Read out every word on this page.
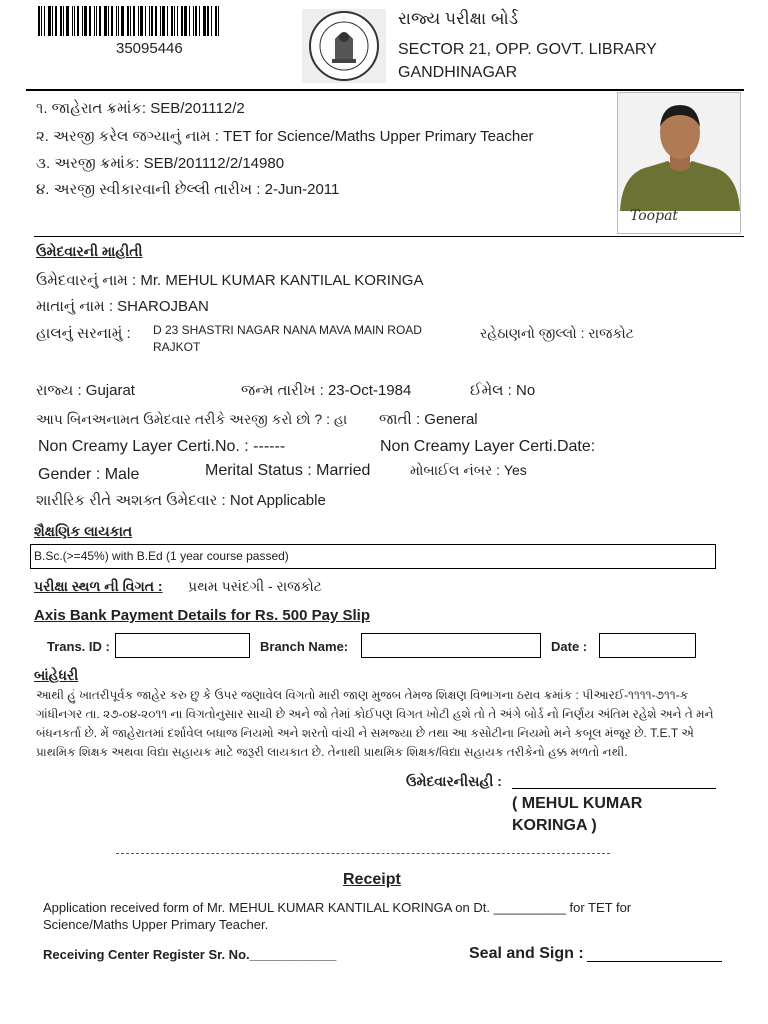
35095446
રાજ્ય પરીક્ષા બોર્ડ
SECTOR 21, OPP. GOVT. LIBRARY
GANDHINAGAR
૧. જાહેરાત ક્રમાંક: SEB/201112/2
૨. અરજી કરેલ જગ્યાનું નામ : TET for Science/Maths Upper Primary Teacher
૩. અરજી ક્રમાંક: SEB/201112/2/14980
૪. અરજી સ્વીકારવાની છેલ્લી તારીખ : 2-Jun-2011
Toopat
ઉમેદવારની માહીતી
ઉમેદવારનું નામ : Mr. MEHUL KUMAR KANTILAL KORINGA
માતાનું નામ : SHAROJBAN
હાલનું સરનામું : D 23 SHASTRI NAGAR NANA MAVA MAIN ROAD
RAJKOT
રહેઠાણનો જીલ્લો : રાજકોટ
રાજ્ય : Gujarat	જન્મ તારીખ : 23-Oct-1984	ઈમેલ : No
આપ બિનઅનામત ઉમેદવાર તરીકે અરજી કરો છો ? : હા જાતી : General
Non Creamy Layer Certi.No. : ------	Non Creamy Layer Certi.Date:
Gender : Male	Merital Status : Married	મોબાઈલ નંબર : Yes
શારીરિક રીતે અશક્ત ઉમેદવાર : Not Applicable
શૈક્ષણિક લાયકાત
B.Sc.(>=45%) with B.Ed (1 year course passed)
પરીક્ષા સ્થળ ની વિગત : પ્રથમ પસંદગી - રાજકોટ
Axis Bank Payment Details for Rs. 500 Pay Slip
Trans. ID :	Branch Name:	Date :
બાંહેધરી
આથી હું ખાતરીપૂર્વક જાહેર કરુ છુ કે ઉપર જણાવેલ વિગતો મારી જાણ મુજબ તેમજ શિક્ષણ વિભાગના ઠરાવ ક્રમાંક : પીઆરઈ-૧૧૧૧-૭૧૧-ક ગાંધીનગર તા. ૨૭-૦૪-૨૦૧૧ ના વિગતોનુસાર સાચી છે અને જો તેમાં કોઈપણ વિગત ખોટી હશે તો તે અંગે બોર્ડ નો નિર્ણય અંતિમ રહેશે અને તે મને બંધનકર્તા છે. મેં જાહેરાતમાં દર્શાવેલ બધાજ નિયમો અને શરતો વાંચી ને સમજ્યા છે તથા આ કસોટીના નિયમો મને કબૂલ મંજૂર છે. T.E.T એ પ્રાથમિક શિક્ષક અથવા વિદ્યા સહાયક માટે જરૂરી લાયકાત છે. તેનાથી પ્રાથમિક શિક્ષક/વિદ્યા સહાયક તરીકેનો હક્ક મળતો નથી.
ઉમેદવારનીસહી :
( MEHUL KUMAR
KORINGA )
Receipt
Application received form of Mr. MEHUL KUMAR KANTILAL KORINGA on Dt. __________ for TET for
Science/Maths Upper Primary Teacher.
Receiving Center Register Sr. No.____________	Seal and Sign :
